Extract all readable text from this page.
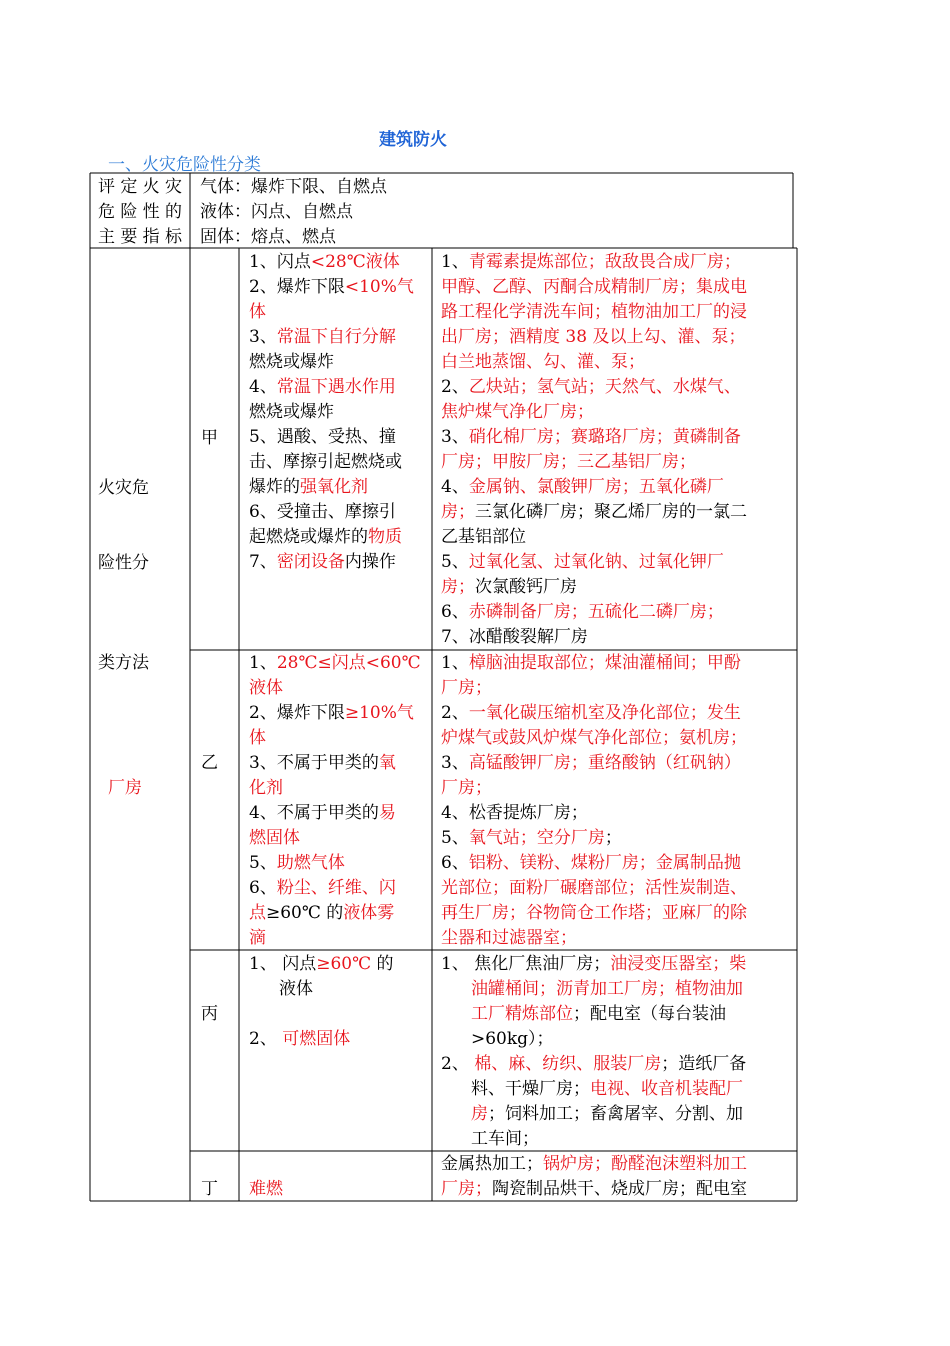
建筑防火
一、火灾危险性分类
评定火灾
危险性的
主要指标
气体：爆炸下限、自燃点
液体：闪点、自燃点
固体：熔点、燃点
火灾危
险性分
类方法
厂房
甲
乙
丙
丁
1、闪点<28℃液体
2、爆炸下限<10%气
体
3、常温下自行分解
燃烧或爆炸
4、常温下遇水作用
燃烧或爆炸
5、遇酸、受热、撞
击、摩擦引起燃烧或
爆炸的强氧化剂
6、受撞击、摩擦引
起燃烧或爆炸的物质
7、密闭设备内操作
1、青霉素提炼部位；敌敌畏合成厂房；
甲醇、乙醇、丙酮合成精制厂房；集成电
路工程化学清洗车间；植物油加工厂的浸
出厂房；酒精度 38 及以上勾、灌、泵；
白兰地蒸馏、勾、灌、泵；
2、乙炔站；氢气站；天然气、水煤气、
焦炉煤气净化厂房；
3、硝化棉厂房；赛璐珞厂房；黄磷制备
厂房；甲胺厂房；三乙基铝厂房；
4、金属钠、氯酸钾厂房；五氧化磷厂
房；三氯化磷厂房；聚乙烯厂房的一氯二
乙基铝部位
5、过氧化氢、过氧化钠、过氧化钾厂
房；次氯酸钙厂房
6、赤磷制备厂房；五硫化二磷厂房；
7、冰醋酸裂解厂房
1、28℃≤闪点<60℃
液体
2、爆炸下限≥10%气
体
3、不属于甲类的氧
化剂
4、不属于甲类的易
燃固体
5、助燃气体
6、粉尘、纤维、闪
点≥60℃ 的液体雾
滴
1、樟脑油提取部位；煤油灌桶间；甲酚
厂房；
2、一氧化碳压缩机室及净化部位；发生
炉煤气或鼓风炉煤气净化部位；氨机房；
3、高锰酸钾厂房；重络酸钠（红矾钠）
厂房；
4、松香提炼厂房；
5、氧气站；空分厂房；
6、铝粉、镁粉、煤粉厂房；金属制品抛
光部位；面粉厂碾磨部位；活性炭制造、
再生厂房；谷物筒仓工作塔；亚麻厂的除
尘器和过滤器室；
1、 闪点≥60℃ 的
液体

2、 可燃固体
1、 焦化厂焦油厂房；油浸变压器室；柴
油罐桶间；沥青加工厂房；植物油加
工厂精炼部位；配电室（每台装油
>60kg）；
2、 棉、麻、纺织、服装厂房；造纸厂备
料、干燥厂房；电视、收音机装配厂
房；饲料加工；畜禽屠宰、分割、加
工车间；
难燃
金属热加工；锅炉房；酚醛泡沫塑料加工
厂房；陶瓷制品烘干、烧成厂房；配电室
